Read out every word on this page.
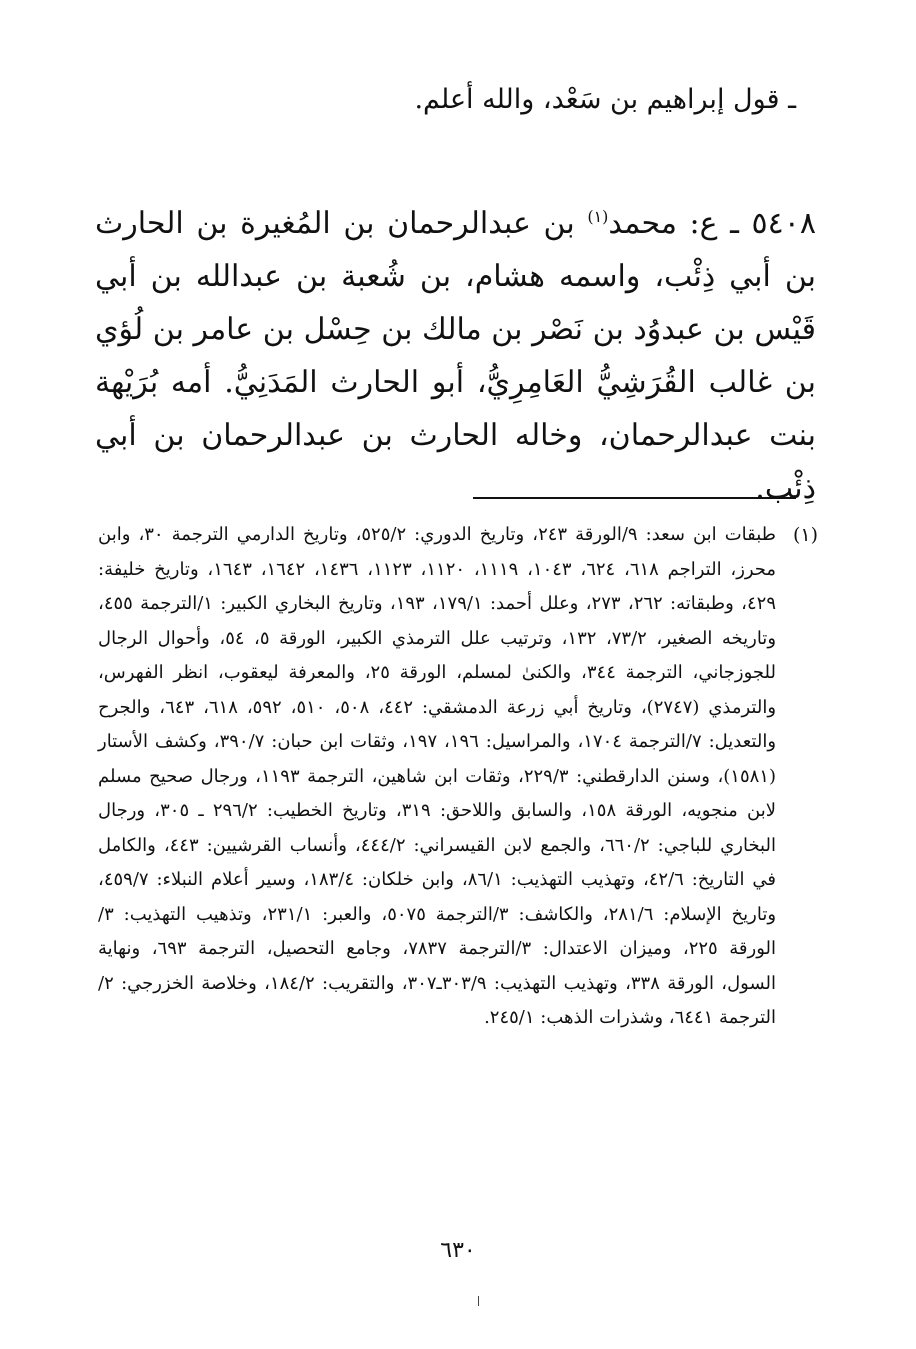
ـ قول إبراهيم بن سَعْد، والله أعلم.

٥٤٠٨ ـ ع: محمد$^{(١)}$ بن عبدالرحمان بن المُغيرة بن الحارث بن أبي ذِئْب، واسمه هشام، بن شُعبة بن عبدالله بن أبي قَيْس بن عبدوُد بن نَصْر بن مالك بن حِسْل بن عامر بن لُؤي بن غالب القُرَشِيُّ العَامِرِيُّ، أبو الحارث المَدَنِيُّ. أمه بُرَيْهة بنت عبدالرحمان، وخاله الحارث بن عبدالرحمان بن أبي ذِئْب.

(١)

طبقات ابن سعد: ٩/الورقة ٢٤٣، وتاريخ الدوري: ٥٢٥/٢، وتاريخ الدارمي الترجمة ٣٠، وابن محرز، التراجم ٦١٨، ٦٢٤، ١٠٤٣، ١١١٩، ١١٢٠، ١١٢٣، ١٤٣٦، ١٦٤٢، ١٦٤٣، وتاريخ خليفة: ٤٢٩، وطبقاته: ٢٦٢، ٢٧٣، وعلل أحمد: ١٧٩/١، ١٩٣، وتاريخ البخاري الكبير: ١/الترجمة ٤٥٥، وتاريخه الصغير، ٧٣/٢، ١٣٢، وترتيب علل الترمذي الكبير، الورقة ٥، ٥٤، وأحوال الرجال للجوزجاني، الترجمة ٣٤٤، والكنىٰ لمسلم، الورقة ٢٥، والمعرفة ليعقوب، انظر الفهرس، والترمذي (٢٧٤٧)، وتاريخ أبي زرعة الدمشقي: ٤٤٢، ٥٠٨، ٥١٠، ٥٩٢، ٦١٨، ٦٤٣، والجرح والتعديل: ٧/الترجمة ١٧٠٤، والمراسيل: ١٩٦، ١٩٧، وثقات ابن حبان: ٣٩٠/٧، وكشف الأستار (١٥٨١)، وسنن الدارقطني: ٢٢٩/٣، وثقات ابن شاهين، الترجمة ١١٩٣، ورجال صحيح مسلم لابن منجويه، الورقة ١٥٨، والسابق واللاحق: ٣١٩، وتاريخ الخطيب: ٢٩٦/٢ ـ ٣٠٥، ورجال البخاري للباجي: ٦٦٠/٢، والجمع لابن القيسراني: ٤٤٤/٢، وأنساب القرشيين: ٤٤٣، والكامل في التاريخ: ٤٢/٦، وتهذيب التهذيب: ٨٦/١، وابن خلكان: ١٨٣/٤، وسير أعلام النبلاء: ٤٥٩/٧، وتاريخ الإسلام: ٢٨١/٦، والكاشف: ٣/الترجمة ٥٠٧٥، والعبر: ٢٣١/١، وتذهيب التهذيب: ٣/الورقة ٢٢٥، وميزان الاعتدال: ٣/الترجمة ٧٨٣٧، وجامع التحصيل، الترجمة ٦٩٣، ونهاية السول، الورقة ٣٣٨، وتهذيب التهذيب: ٣٠٣/٩ـ٣٠٧، والتقريب: ١٨٤/٢، وخلاصة الخزرجي: ٢/الترجمة ٦٤٤١، وشذرات الذهب: ٢٤٥/١.

٦٣٠
